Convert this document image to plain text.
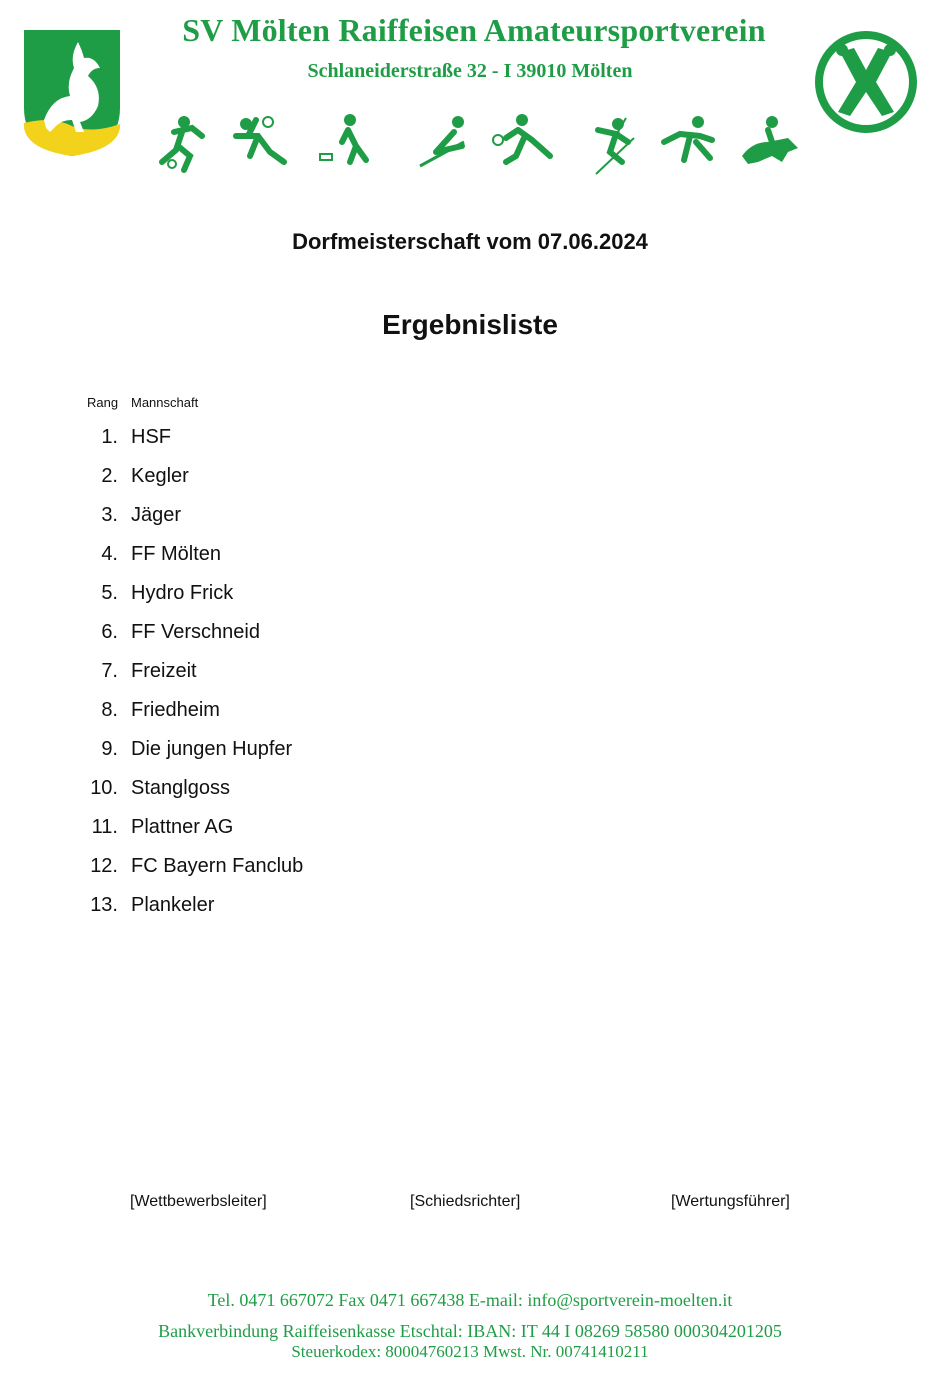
SV Mölten Raiffeisen Amateursportverein
Schlaneiderstraße 32 - I 39010 Mölten
Dorfmeisterschaft vom 07.06.2024
Ergebnisliste
Rang Mannschaft
1. HSF
2. Kegler
3. Jäger
4. FF Mölten
5. Hydro Frick
6. FF Verschneid
7. Freizeit
8. Friedheim
9. Die jungen Hupfer
10. Stanglgoss
11. Plattner AG
12. FC Bayern Fanclub
13. Plankeler
[Wettbewerbsleiter]	[Schiedsrichter]	[Wertungsführer]
Tel. 0471 667072 Fax 0471 667438 E-mail: info@sportverein-moelten.it
Bankverbindung Raiffeisenkasse Etschtal: IBAN: IT 44 I 08269 58580 000304201205
Steuerkodex: 80004760213 Mwst. Nr. 00741410211
